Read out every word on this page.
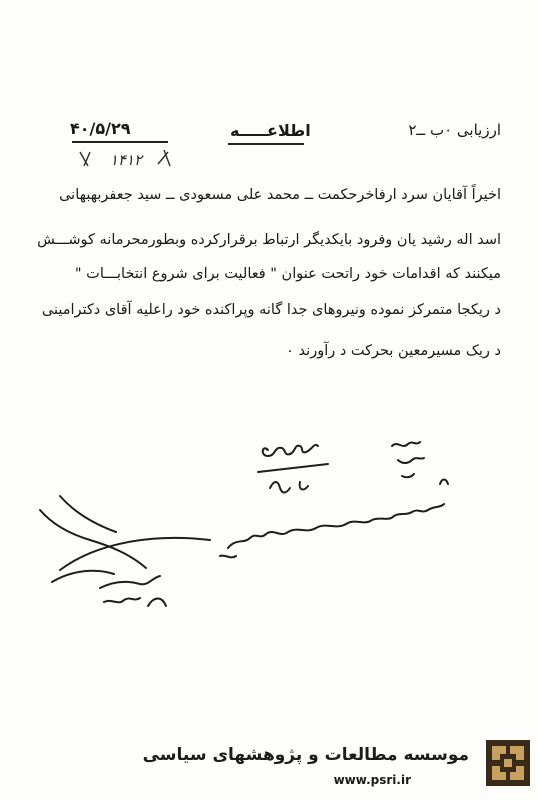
ارزیابی ۰ب ــ۲
اطلاعـــــه
۴۰/۵/۲۹
۱۴۱۲
اخیراً آقایان سرد ارفاخرحکمت ــ محمد علی مسعودی ــ سید جعفربهبهانی
اسد اله رشید یان وفرود بایکدیگر ارتباط برقرارکرده وبطورمحرمانه کوشـــش
میکنند که اقدامات خود راتحت عنوان " فعالیت برای شروع انتخابـــات "
د ریکجا متمرکز نموده ونیروهای جدا گانه وپراکنده خود راعلیه آقای دکترامینی
د ریک مسیرمعین بحرکت د رآورند ۰
موسسه مطالعات و پژوهشهای سیاسی
www.psri.ir
